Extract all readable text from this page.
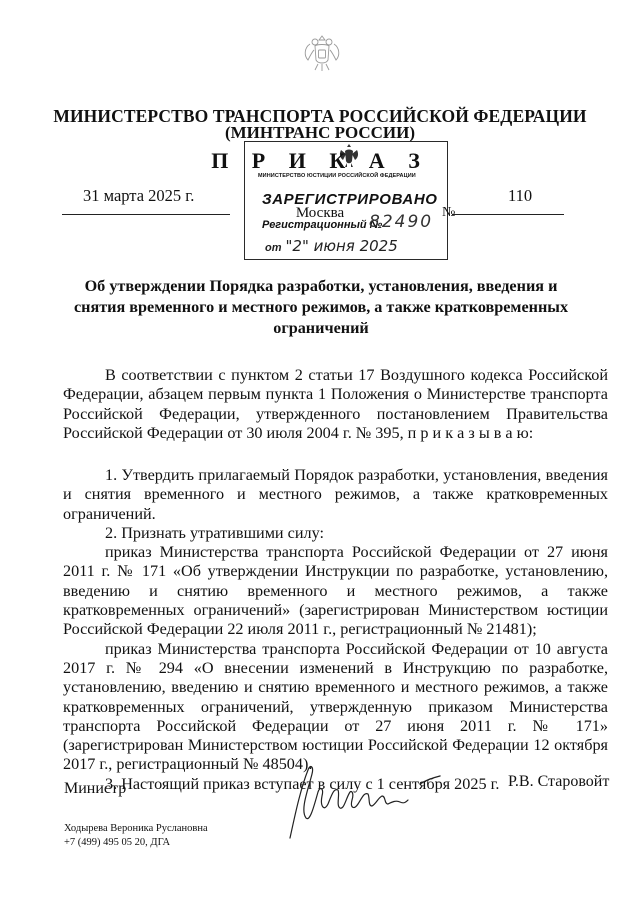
МИНИСТЕРСТВО ТРАНСПОРТА РОССИЙСКОЙ ФЕДЕРАЦИИ
(МИНТРАНС РОССИИ)
П Р И К А З
МИНИСТЕРСТВО ЮСТИЦИИ РОССИЙСКОЙ ФЕДЕРАЦИИ
ЗАРЕГИСТРИРОВАНО
31 марта 2025 г.	110
Москва
Регистрационный №
82490 №
от "2" июня 2025
Об утверждении Порядка разработки, установления, введения и снятия временного и местного режимов, а также кратковременных ограничений

В соответствии с пунктом 2 статьи 17 Воздушного кодекса Российской Федерации, абзацем первым пункта 1 Положения о Министерстве транспорта Российской Федерации, утвержденного постановлением Правительства Российской Федерации от 30 июля 2004 г. № 395, п р и к а з ы в а ю:

1. Утвердить прилагаемый Порядок разработки, установления, введения и снятия временного и местного режимов, а также кратковременных ограничений.

2. Признать утратившими силу:

приказ Министерства транспорта Российской Федерации от 27 июня 2011 г. № 171 «Об утверждении Инструкции по разработке, установлению, введению и снятию временного и местного режимов, а также кратковременных ограничений» (зарегистрирован Министерством юстиции Российской Федерации 22 июля 2011 г., регистрационный № 21481);

приказ Министерства транспорта Российской Федерации от 10 августа 2017 г. № 294 «О внесении изменений в Инструкцию по разработке, установлению, введению и снятию временного и местного режимов, а также кратковременных ограничений, утвержденную приказом Министерства транспорта Российской Федерации от 27 июня 2011 г. № 171» (зарегистрирован Министерством юстиции Российской Федерации 12 октября 2017 г., регистрационный № 48504).

3. Настоящий приказ вступает в силу с 1 сентября 2025 г.

Министр	Р.В. Старовойт
Ходырева Вероника Руслановна
+7 (499) 495 05 20, ДГА
